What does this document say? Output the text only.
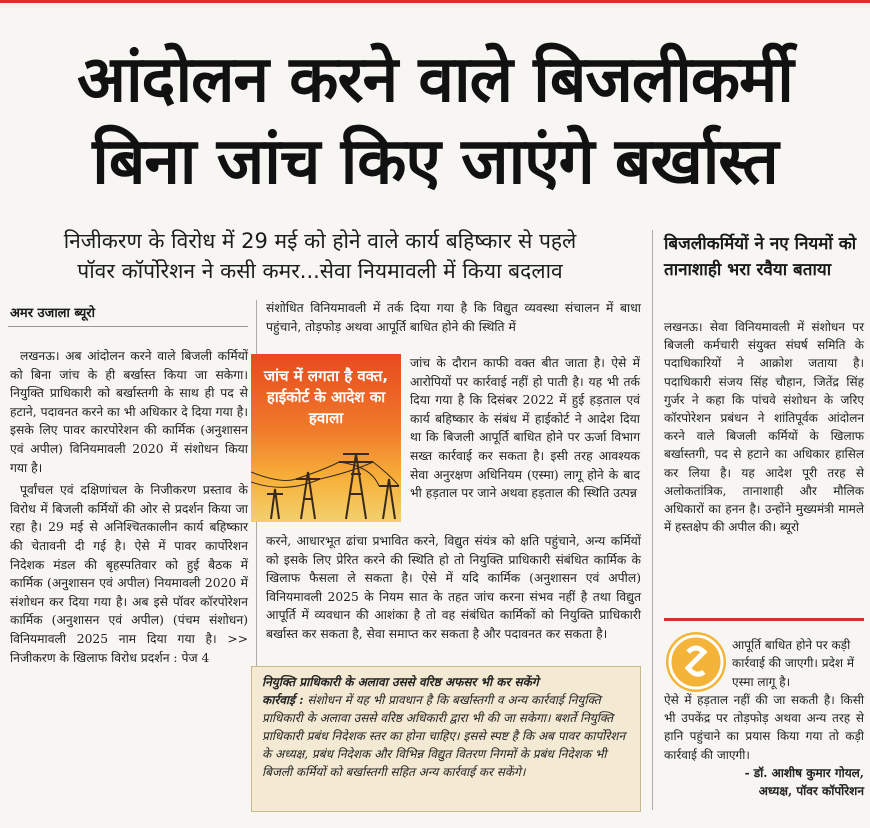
आंदोलन करने वाले बिजलीकर्मी
बिना जांच किए जाएंगे बर्खास्त
निजीकरण के विरोध में 29 मई को होने वाले कार्य बहिष्कार से पहले
पॉवर कॉर्पोरेशन ने कसी कमर...सेवा नियमावली में किया बदलाव
बिजलीकर्मियों ने नए नियमों को तानाशाही भरा रवैया बताया
अमर उजाला ब्यूरो

लखनऊ। अब आंदोलन करने वाले बिजली कर्मियों को बिना जांच के ही बर्खास्त किया जा सकेगा। नियुक्ति प्राधिकारी को बर्खास्तगी के साथ ही पद से हटाने, पदावनत करने का भी अधिकार दे दिया गया है। इसके लिए पावर कारपोरेशन की कार्मिक (अनुशासन एवं अपील) विनियमावली 2020 में संशोधन किया गया है।

पूर्वांचल एवं दक्षिणांचल के निजीकरण प्रस्ताव के विरोध में बिजली कर्मियों की ओर से प्रदर्शन किया जा रहा है। 29 मई से अनिश्चितकालीन कार्य बहिष्कार की चेतावनी दी गई है। ऐसे में पावर कार्पोरेशन निदेशक मंडल की बृहस्पतिवार को हुई बैठक में कार्मिक (अनुशासन एवं अपील) नियमावली 2020 में संशोधन कर दिया गया है। अब इसे पॉवर कॉरपोरेशन कार्मिक (अनुशासन एवं अपील) (पंचम संशोधन) विनियमावली 2025 नाम दिया गया है। >> निजीकरण के खिलाफ विरोध प्रदर्शन : पेज 4

संशोधित विनियमावली में तर्क दिया गया है कि विद्युत व्यवस्था संचालन में बाधा पहुंचाने, तोड़फोड़ अथवा आपूर्ति बाधित होने की स्थिति में
जांच में लगता है वक्त, हाईकोर्ट के आदेश का हवाला
जांच के दौरान काफी वक्त बीत जाता है। ऐसे में आरोपियों पर कार्रवाई नहीं हो पाती है। यह भी तर्क दिया गया है कि दिसंबर 2022 में हुई हड़ताल एवं कार्य बहिष्कार के संबंध में हाईकोर्ट ने आदेश दिया था कि बिजली आपूर्ति बाधित होने पर ऊर्जा विभाग सख्त कार्रवाई कर सकता है। इसी तरह आवश्यक सेवा अनुरक्षण अधिनियम (एस्मा) लागू होने के बाद भी हड़ताल पर जाने अथवा हड़ताल की स्थिति उत्पन्न
करने, आधारभूत ढांचा प्रभावित करने, विद्युत संयंत्र को क्षति पहुंचाने, अन्य कर्मियों को इसके लिए प्रेरित करने की स्थिति हो तो नियुक्ति प्राधिकारी संबंधित कार्मिक के खिलाफ फैसला ले सकता है। ऐसे में यदि कार्मिक (अनुशासन एवं अपील) विनियमावली 2025 के नियम सात के तहत जांच करना संभव नहीं है तथा विद्युत आपूर्ति में व्यवधान की आशंका है तो वह संबंधित कार्मिकों को नियुक्ति प्राधिकारी बर्खास्त कर सकता है, सेवा समाप्त कर सकता है और पदावनत कर सकता है।
नियुक्ति प्राधिकारी के अलावा उससे वरिष्ठ अफसर भी कर सकेंगे
कार्रवाई : संशोधन में यह भी प्रावधान है कि बर्खास्तगी व अन्य कार्रवाई नियुक्ति प्राधिकारी के अलावा उससे वरिष्ठ अधिकारी द्वारा भी की जा सकेगा। बशर्ते नियुक्ति प्राधिकारी प्रबंध निदेशक स्तर का होना चाहिए। इससे स्पष्ट है कि अब पावर कार्पोरेशन के अध्यक्ष, प्रबंध निदेशक और विभिन्न विद्युत वितरण निगमों के प्रबंध निदेशक भी बिजली कर्मियों को बर्खास्तगी सहित अन्य कार्रवाई कर सकेंगे।
लखनऊ। सेवा विनियमावली में संशोधन पर बिजली कर्मचारी संयुक्त संघर्ष समिति के पदाधिकारियों ने आक्रोश जताया है। पदाधिकारी संजय सिंह चौहान, जितेंद्र सिंह गुर्जर ने कहा कि पांचवे संशोधन के जरिए कॉरपोरेशन प्रबंधन ने शांतिपूर्वक आंदोलन करने वाले बिजली कर्मियों के खिलाफ बर्खास्तगी, पद से हटाने का अधिकार हासिल कर लिया है। यह आदेश पूरी तरह से अलोकतांत्रिक, तानाशाही और मौलिक अधिकारों का हनन है। उन्होंने मुख्यमंत्री मामले में हस्तक्षेप की अपील की। ब्यूरो
आपूर्ति बाधित होने पर कड़ी कार्रवाई की जाएगी। प्रदेश में एस्मा लागू है।
ऐसे में हड़ताल नहीं की जा सकती है। किसी भी उपकेंद्र पर तोड़फोड़ अथवा अन्य तरह से हानि पहुंचाने का प्रयास किया गया तो कड़ी कार्रवाई की जाएगी।
- डॉ. आशीष कुमार गोयल,
अध्यक्ष, पॉवर कॉर्पोरेशन
